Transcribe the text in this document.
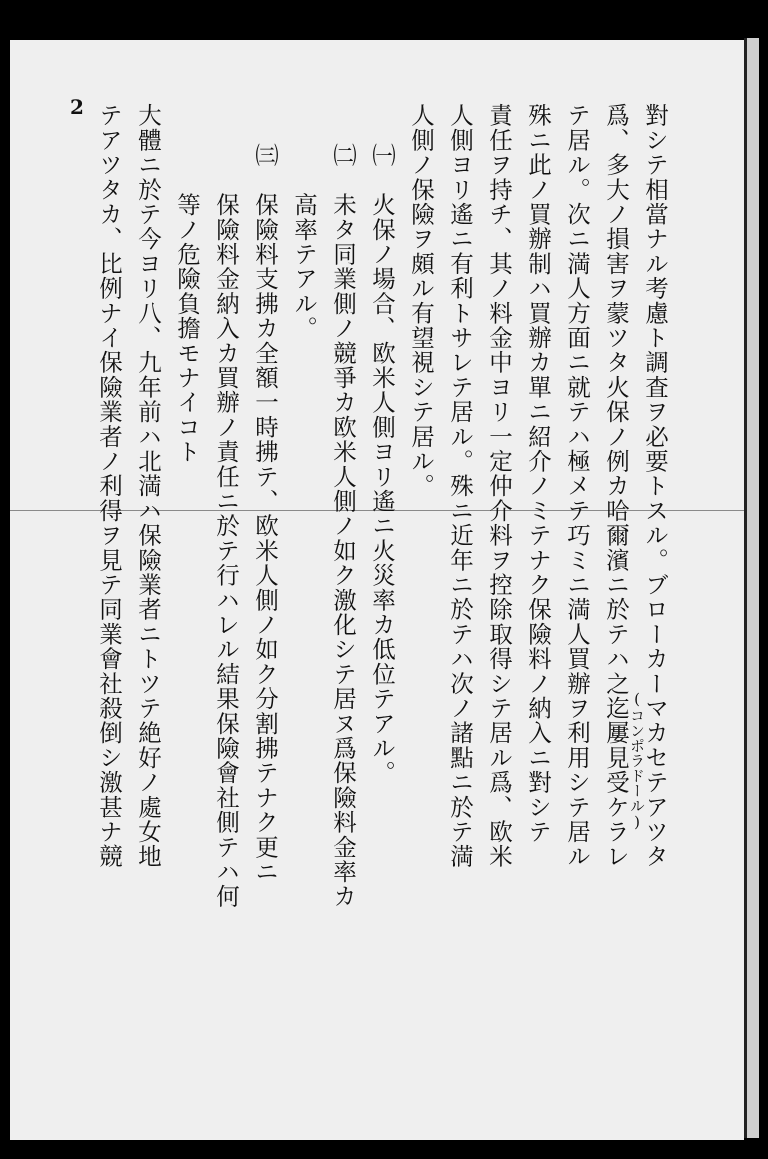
2	對シテ相當ナル考慮ト調査ヲ必要トスル。ブローカーマカセテアツタ
爲、多大ノ損害ヲ蒙ツタ火保ノ例カ哈爾濱ニ於テハ之迄屢見受ケラレ
テ居ル。次ニ満人方面ニ就テハ極メテ巧ミニ満人買辦ヲ利用シテ居ル
殊ニ此ノ買辦制ハ買辦カ單ニ紹介ノミテナク保險料ノ納入ニ對シテ
責任ヲ持チ、其ノ料金中ヨリ一定仲介料ヲ控除取得シテ居ル爲、欧米
人側ヨリ遙ニ有利トサレテ居ル。殊ニ近年ニ於テハ次ノ諸點ニ於テ満
人側ノ保險ヲ頗ル有望視シテ居ル。
㈠　火保ノ場合、欧米人側ヨリ遙ニ火災率カ低位テアル。
㈡　未タ同業側ノ競爭カ欧米人側ノ如ク激化シテ居ヌ爲保險料金率カ
　　高率テアル。
㈢　保險料支拂カ全額一時拂テ、欧米人側ノ如ク分割拂テナク更ニ
　　保險料金納入カ買辦ノ責任ニ於テ行ハレル結果保險會社側テハ何
　　等ノ危險負擔モナイコト
大體ニ於テ今ヨリ八、九年前ハ北満ハ保險業者ニトツテ絶好ノ處女地
テアツタカ、比例ナイ保險業者ノ利得ヲ見テ同業會社殺倒シ激甚ナ競	(コンポラドール)
